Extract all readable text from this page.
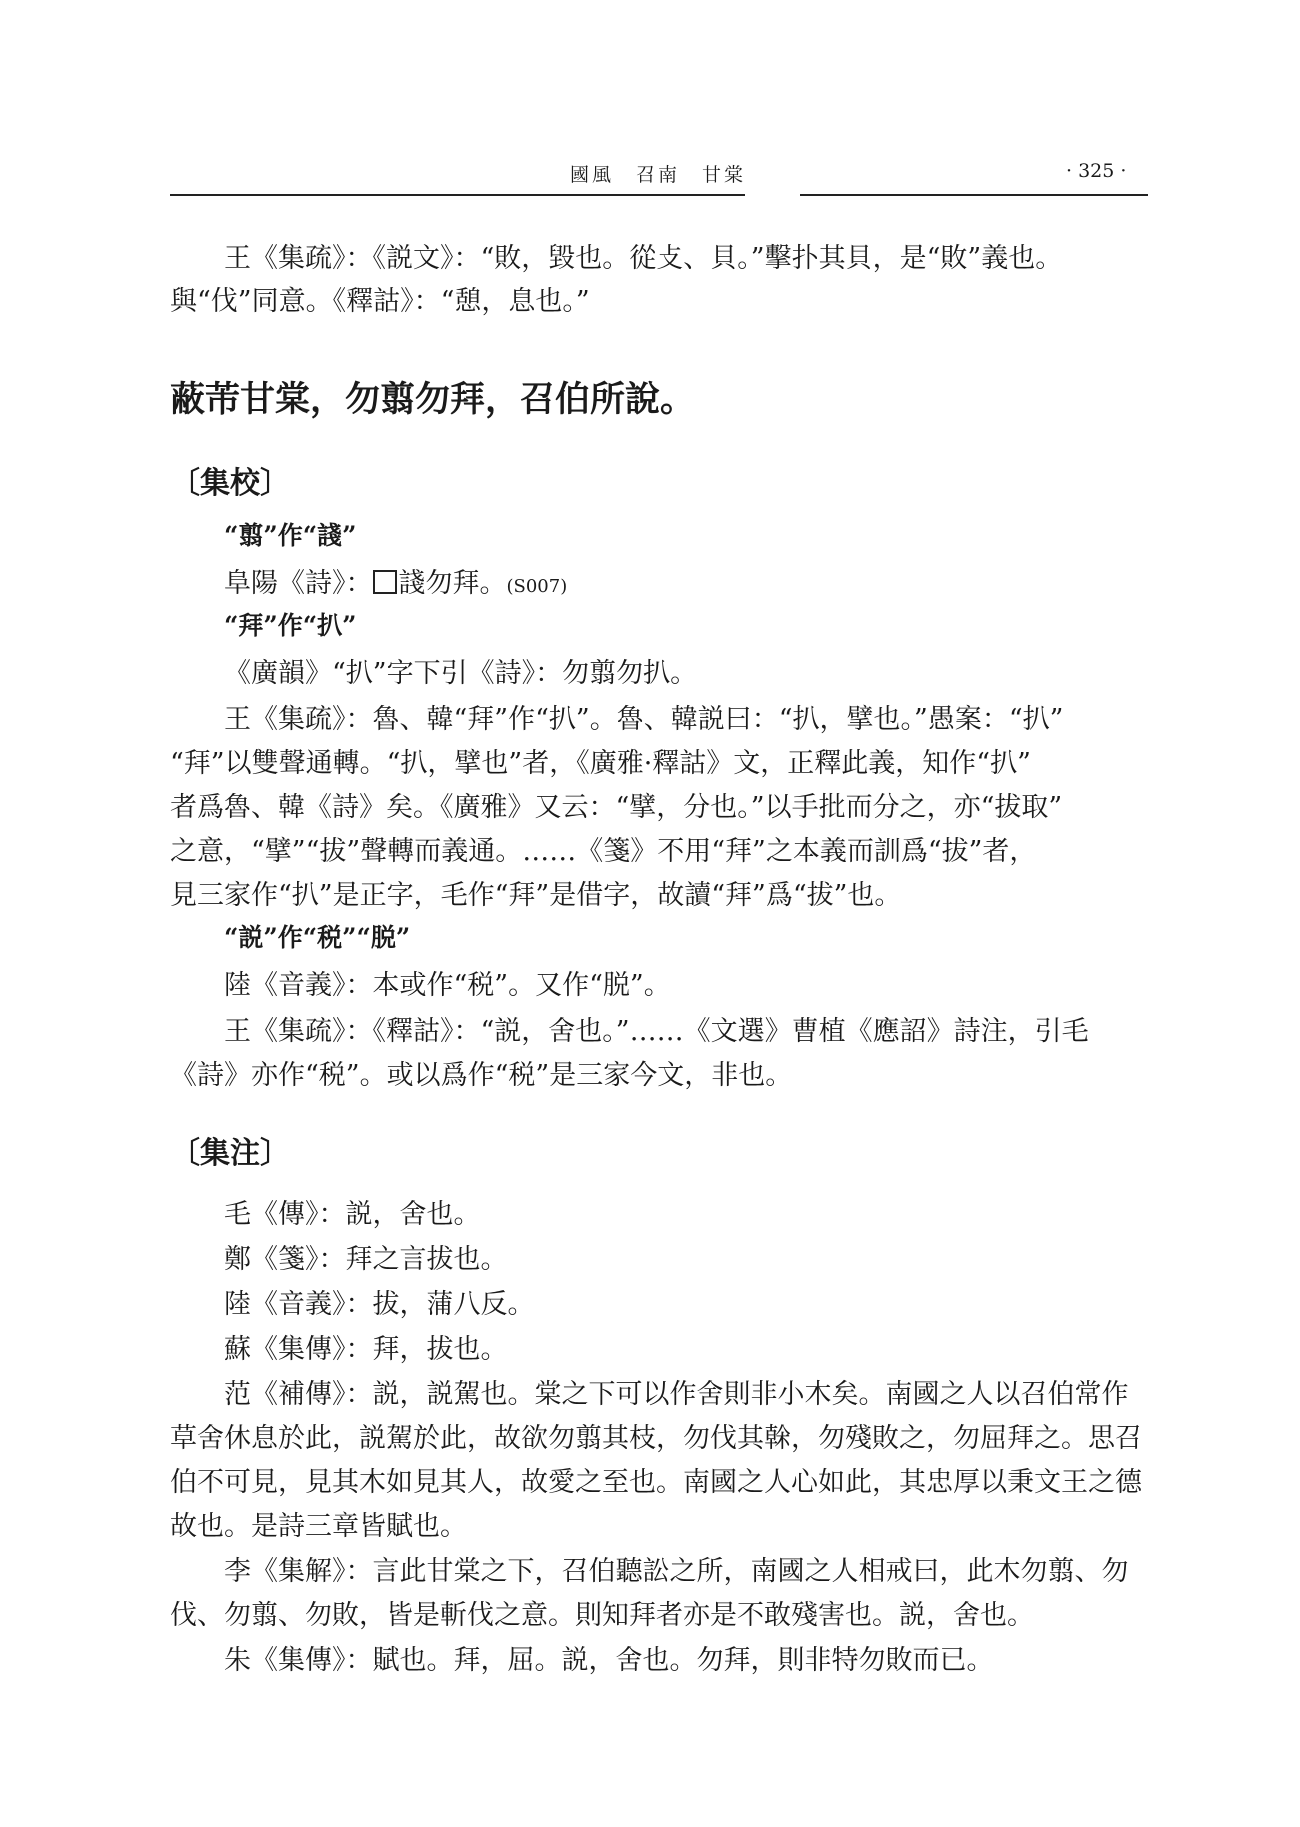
國風　召南　甘棠	· 325 ·
王《集疏》：《説文》：“敗，毀也。從攴、貝。”擊扑其貝，是“敗”義也。
與“伐”同意。《釋詁》：“憩，息也。”
蔽芾甘棠，勿翦勿拜，召伯所說。
〔集校〕
“翦”作“諓”
阜陽《詩》： 諓勿拜。(S007)
“拜”作“扒”
《廣韻》“扒”字下引《詩》：勿翦勿扒。
王《集疏》：魯、韓“拜”作“扒”。魯、韓説曰：“扒，擘也。”愚案：“扒”
“拜”以雙聲通轉。“扒，擘也”者，《廣雅·釋詁》文，正釋此義，知作“扒”
者爲魯、韓《詩》矣。《廣雅》又云：“擘，分也。”以手批而分之，亦“拔取”
之意，“擘”“拔”聲轉而義通。……《箋》不用“拜”之本義而訓爲“拔”者，
見三家作“扒”是正字，毛作“拜”是借字，故讀“拜”爲“拔”也。
“説”作“税”“脱”
陸《音義》：本或作“税”。又作“脱”。
王《集疏》：《釋詁》：“説，舍也。”……《文選》曹植《應詔》詩注，引毛
《詩》亦作“税”。或以爲作“税”是三家今文，非也。
〔集注〕
毛《傳》：説，舍也。
鄭《箋》：拜之言拔也。
陸《音義》：拔，蒲八反。
蘇《集傳》：拜，拔也。
范《補傳》：説，説駕也。棠之下可以作舍則非小木矣。南國之人以召伯常作
草舍休息於此，説駕於此，故欲勿翦其枝，勿伐其榦，勿殘敗之，勿屈拜之。思召
伯不可見，見其木如見其人，故愛之至也。南國之人心如此，其忠厚以秉文王之德
故也。是詩三章皆賦也。
李《集解》：言此甘棠之下，召伯聽訟之所，南國之人相戒曰，此木勿翦、勿
伐、勿翦、勿敗，皆是斬伐之意。則知拜者亦是不敢殘害也。説，舍也。
朱《集傳》：賦也。拜，屈。説，舍也。勿拜，則非特勿敗而已。
